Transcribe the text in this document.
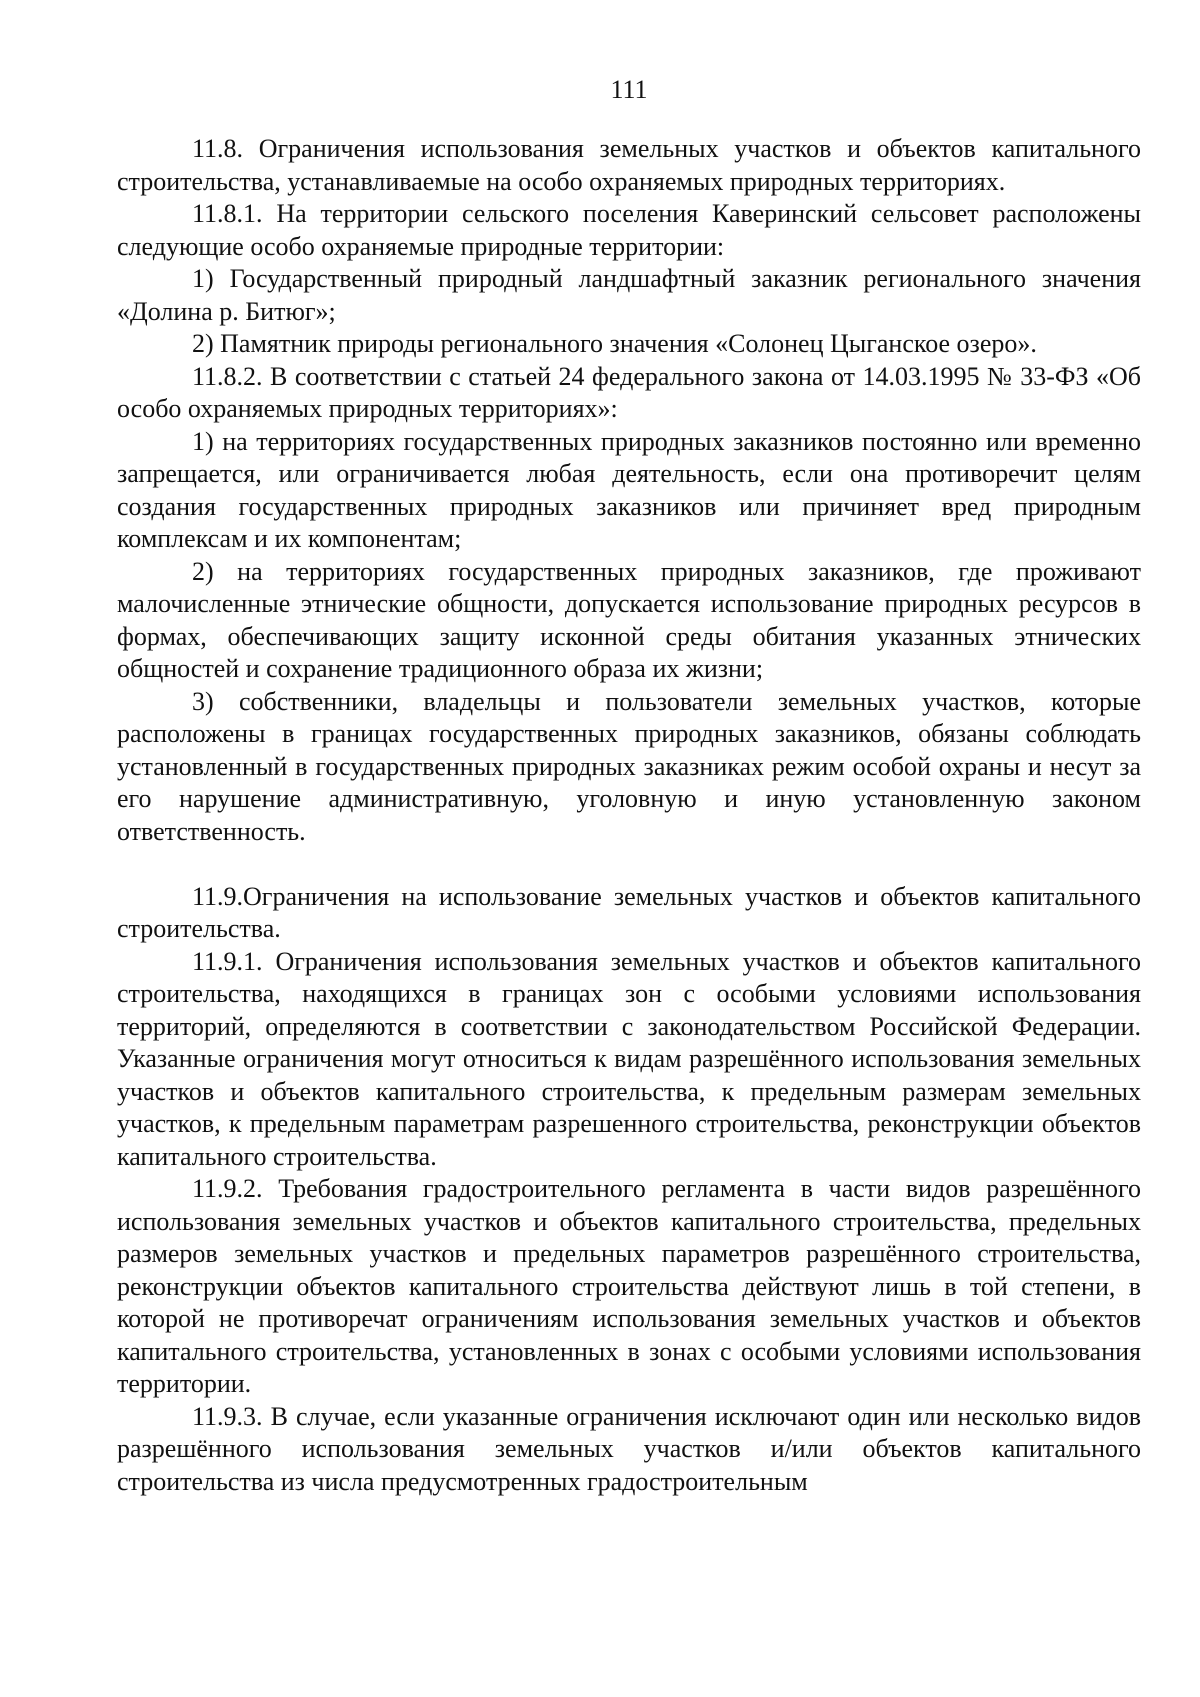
111

11.8. Ограничения использования земельных участков и объектов капитального строительства, устанавливаемые на особо охраняемых природных территориях.

11.8.1. На территории сельского поселения Каверинский сельсовет расположены следующие особо охраняемые природные территории:

1) Государственный природный ландшафтный заказник регионального значения «Долина р. Битюг»;

2) Памятник природы регионального значения «Солонец Цыганское озеро».

11.8.2. В соответствии с статьей 24 федерального закона от 14.03.1995 № 33-ФЗ «Об особо охраняемых природных территориях»:

1) на территориях государственных природных заказников постоянно или временно запрещается, или ограничивается любая деятельность, если она противоречит целям создания государственных природных заказников или причиняет вред природным комплексам и их компонентам;

2) на территориях государственных природных заказников, где проживают малочисленные этнические общности, допускается использование природных ресурсов в формах, обеспечивающих защиту исконной среды обитания указанных этнических общностей и сохранение традиционного образа их жизни;

3) собственники, владельцы и пользователи земельных участков, которые расположены в границах государственных природных заказников, обязаны соблюдать установленный в государственных природных заказниках режим особой охраны и несут за его нарушение административную, уголовную и иную установленную законом ответственность.

11.9.Ограничения на использование земельных участков и объектов капитального строительства.

11.9.1. Ограничения использования земельных участков и объектов капитального строительства, находящихся в границах зон с особыми условиями использования территорий, определяются в соответствии с законодательством Российской Федерации. Указанные ограничения могут относиться к видам разрешённого использования земельных участков и объектов капитального строительства, к предельным размерам земельных участков, к предельным параметрам разрешенного строительства, реконструкции объектов капитального строительства.

11.9.2. Требования градостроительного регламента в части видов разрешённого использования земельных участков и объектов капитального строительства, предельных размеров земельных участков и предельных параметров разрешённого строительства, реконструкции объектов капитального строительства действуют лишь в той степени, в которой не противоречат ограничениям использования земельных участков и объектов капитального строительства, установленных в зонах с особыми условиями использования территории.

11.9.3. В случае, если указанные ограничения исключают один или несколько видов разрешённого использования земельных участков и/или объектов капитального строительства из числа предусмотренных градостроительным
